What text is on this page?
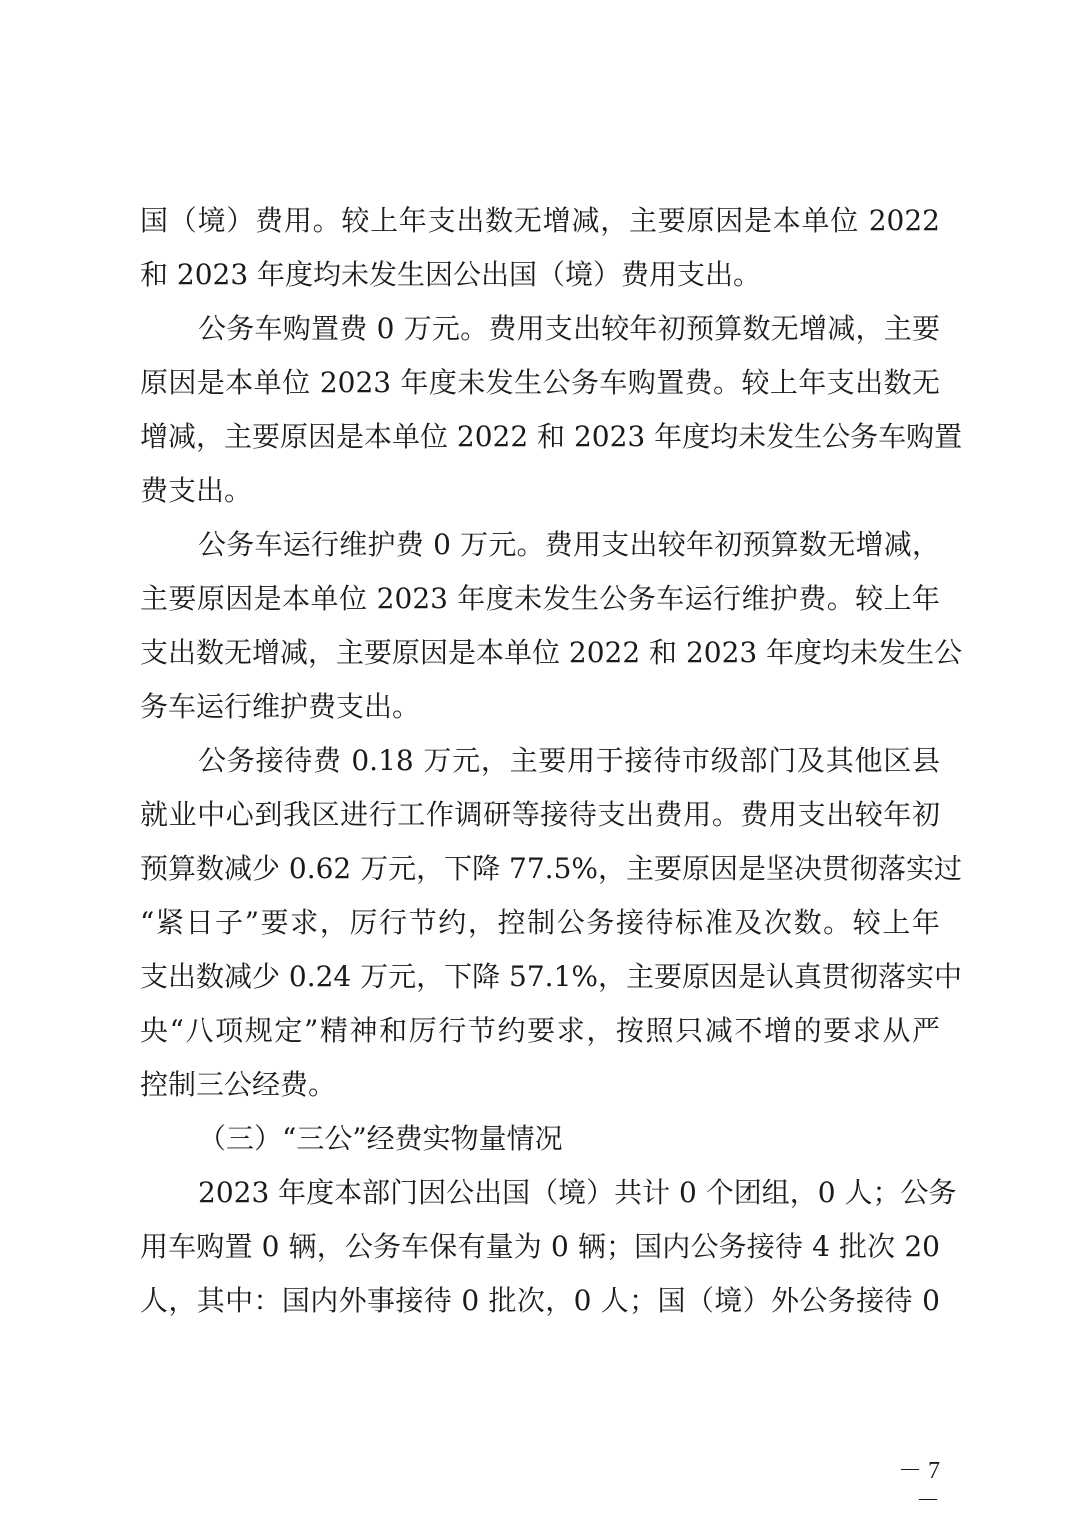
国（境）费用。较上年支出数无增减，主要原因是本单位 2022
和 2023 年度均未发生因公出国（境）费用支出。
公务车购置费 0 万元。费用支出较年初预算数无增减，主要
原因是本单位 2023 年度未发生公务车购置费。较上年支出数无
增减，主要原因是本单位 2022 和 2023 年度均未发生公务车购置
费支出。
公务车运行维护费 0 万元。费用支出较年初预算数无增减，
主要原因是本单位 2023 年度未发生公务车运行维护费。较上年
支出数无增减，主要原因是本单位 2022 和 2023 年度均未发生公
务车运行维护费支出。
公务接待费 0.18 万元，主要用于接待市级部门及其他区县
就业中心到我区进行工作调研等接待支出费用。费用支出较年初
预算数减少 0.62 万元，下降 77.5%，主要原因是坚决贯彻落实过
“紧日子”要求，厉行节约，控制公务接待标准及次数。较上年
支出数减少 0.24 万元，下降 57.1%，主要原因是认真贯彻落实中
央“八项规定”精神和厉行节约要求，按照只减不增的要求从严
控制三公经费。
（三）“三公”经费实物量情况
2023 年度本部门因公出国（境）共计 0 个团组，0 人；公务
用车购置 0 辆，公务车保有量为 0 辆；国内公务接待 4 批次 20
人，其中：国内外事接待 0 批次，0 人；国（境）外公务接待 0
－ 7 －
